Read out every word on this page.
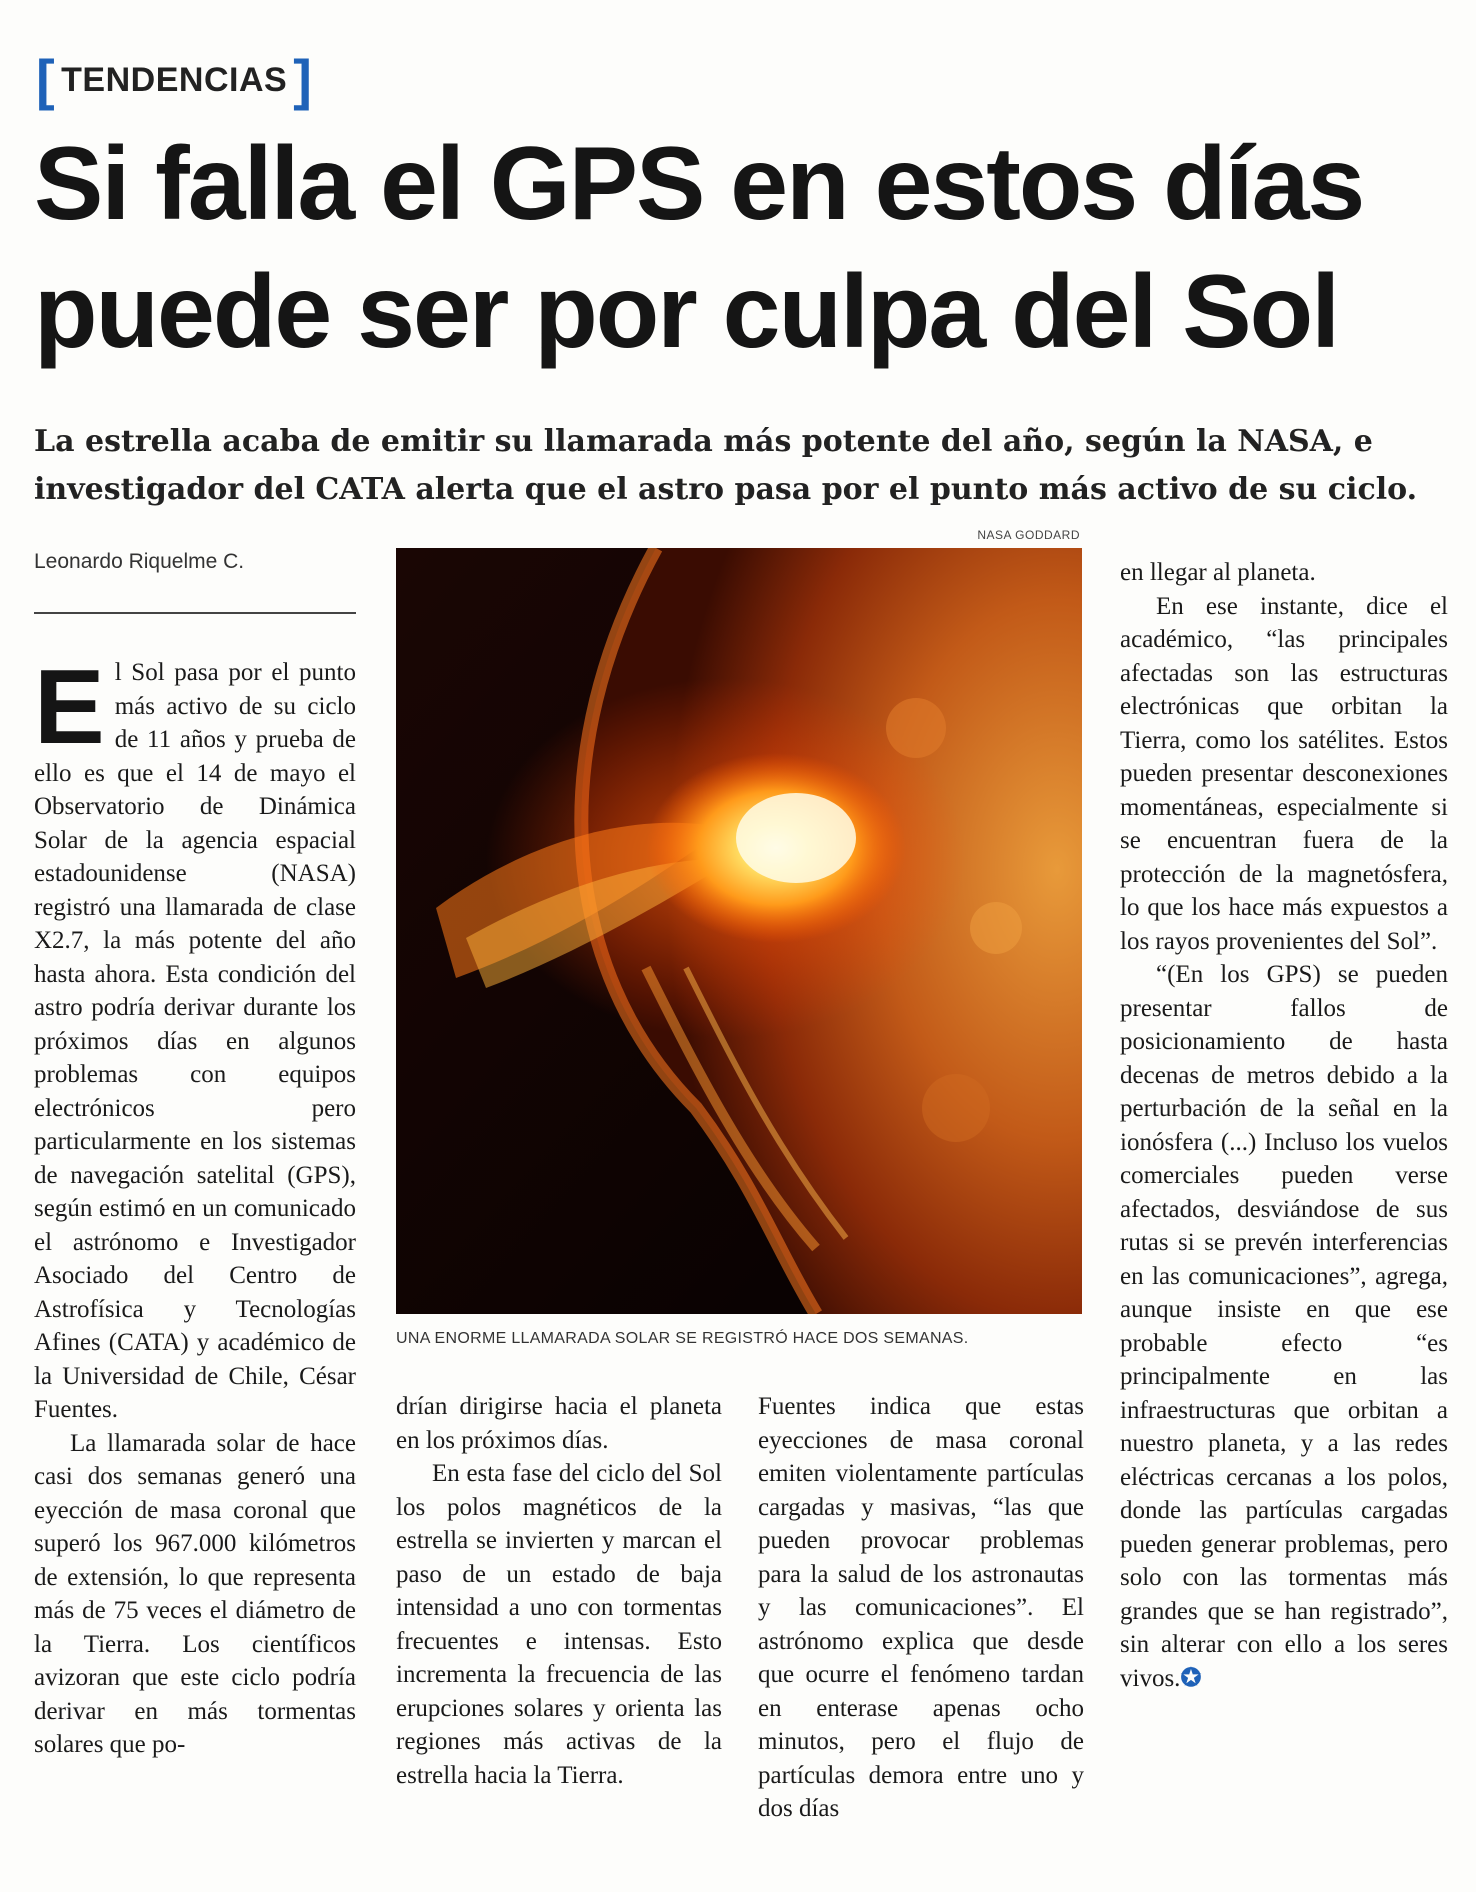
[ TENDENCIAS ]
Si falla el GPS en estos días
puede ser por culpa del Sol
La estrella acaba de emitir su llamarada más potente del año, según la NASA, e
investigador del CATA alerta que el astro pasa por el punto más activo de su ciclo.
Leonardo Riquelme C.

El Sol pasa por el punto más activo de su ciclo de 11 años y prueba de ello es que el 14 de mayo el Observatorio de Dinámica Solar de la agencia espacial estadounidense (NASA) registró una llamarada de clase X2.7, la más potente del año hasta ahora. Esta condición del astro podría derivar durante los próximos días en algunos problemas con equipos electrónicos pero particularmente en los sistemas de navegación satelital (GPS), según estimó en un comunicado el astrónomo e Investigador Asociado del Centro de Astrofísica y Tecnologías Afines (CATA) y académico de la Universidad de Chile, César Fuentes.

La llamarada solar de hace casi dos semanas generó una eyección de masa coronal que superó los 967.000 kilómetros de extensión, lo que representa más de 75 veces el diámetro de la Tierra. Los científicos avizoran que este ciclo podría derivar en más tormentas solares que po-

NASA GODDARD
UNA ENORME LLAMARADA SOLAR SE REGISTRÓ HACE DOS SEMANAS.

drían dirigirse hacia el planeta en los próximos días.

En esta fase del ciclo del Sol los polos magnéticos de la estrella se invierten y marcan el paso de un estado de baja intensidad a uno con tormentas frecuentes e intensas. Esto incrementa la frecuencia de las erupciones solares y orienta las regiones más activas de la estrella hacia la Tierra.

Fuentes indica que estas eyecciones de masa coronal emiten violentamente partículas cargadas y masivas, “las que pueden provocar problemas para la salud de los astronautas y las comunicaciones”. El astrónomo explica que desde que ocurre el fenómeno tardan en enterase apenas ocho minutos, pero el flujo de partículas demora entre uno y dos días

en llegar al planeta.

En ese instante, dice el académico, “las principales afectadas son las estructuras electrónicas que orbitan la Tierra, como los satélites. Estos pueden presentar desconexiones momentáneas, especialmente si se encuentran fuera de la protección de la magnetósfera, lo que los hace más expuestos a los rayos provenientes del Sol”.

“(En los GPS) se pueden presentar fallos de posicionamiento de hasta decenas de metros debido a la perturbación de la señal en la ionósfera (...) Incluso los vuelos comerciales pueden verse afectados, desviándose de sus rutas si se prevén interferencias en las comunicaciones”, agrega, aunque insiste en que ese probable efecto “es principalmente en las infraestructuras que orbitan a nuestro planeta, y a las redes eléctricas cercanas a los polos, donde las partículas cargadas pueden generar problemas, pero solo con las tormentas más grandes que se han registrado”, sin alterar con ello a los seres vivos.✪
